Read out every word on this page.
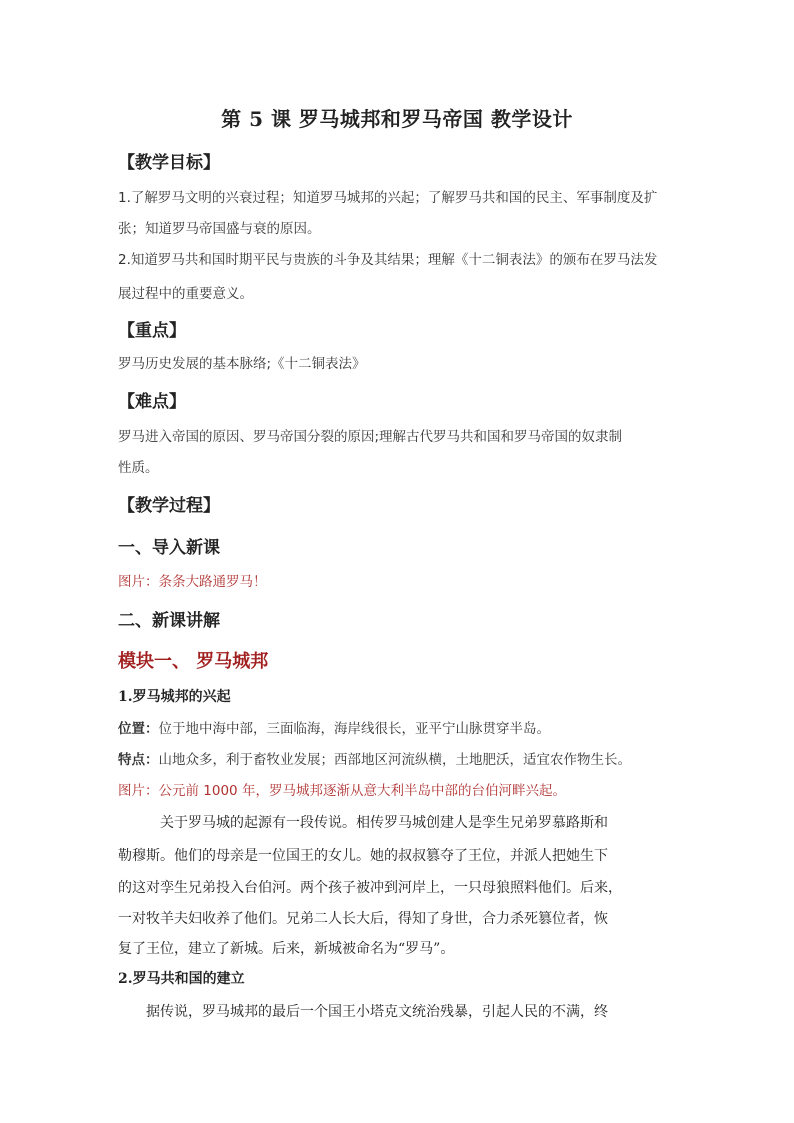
第 5 课 罗马城邦和罗马帝国 教学设计
【教学目标】
1.了解罗马文明的兴衰过程；知道罗马城邦的兴起；了解罗马共和国的民主、军事制度及扩
张；知道罗马帝国盛与衰的原因。
2.知道罗马共和国时期平民与贵族的斗争及其结果；理解《十二铜表法》的颁布在罗马法发
展过程中的重要意义。
【重点】
罗马历史发展的基本脉络;《十二铜表法》
【难点】
罗马进入帝国的原因、罗马帝国分裂的原因;理解古代罗马共和国和罗马帝国的奴隶制
性质。
【教学过程】
一、导入新课
图片：条条大路通罗马！
二、新课讲解
模块一、 罗马城邦
1.罗马城邦的兴起
位置：位于地中海中部，三面临海，海岸线很长，亚平宁山脉贯穿半岛。
特点：山地众多，利于畜牧业发展；西部地区河流纵横，土地肥沃，适宜农作物生长。
图片：公元前 1000 年，罗马城邦逐渐从意大利半岛中部的台伯河畔兴起。
关于罗马城的起源有一段传说。相传罗马城创建人是孪生兄弟罗慕路斯和
勒穆斯。他们的母亲是一位国王的女儿。她的叔叔篡夺了王位，并派人把她生下
的这对孪生兄弟投入台伯河。两个孩子被冲到河岸上，一只母狼照料他们。后来，
一对牧羊夫妇收养了他们。兄弟二人长大后，得知了身世，合力杀死篡位者，恢
复了王位，建立了新城。后来，新城被命名为“罗马”。
2.罗马共和国的建立
据传说，罗马城邦的最后一个国王小塔克文统治残暴，引起人民的不满，终
